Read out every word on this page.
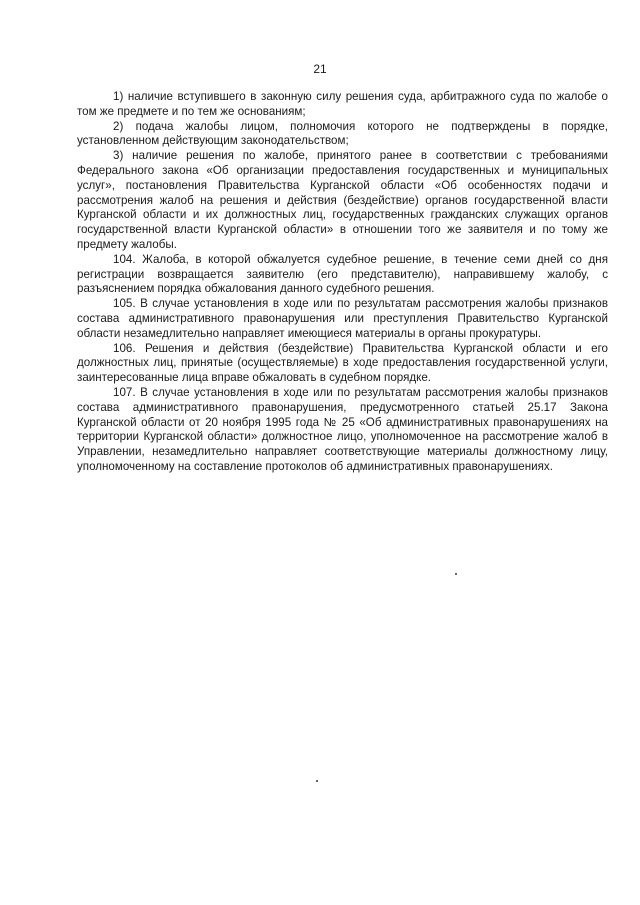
21

1) наличие вступившего в законную силу решения суда, арбитражного суда по жалобе о том же предмете и по тем же основаниям;

2) подача жалобы лицом, полномочия которого не подтверждены в порядке, установленном действующим законодательством;

3) наличие решения по жалобе, принятого ранее в соответствии с требованиями Федерального закона «Об организации предоставления государственных и муниципальных услуг», постановления Правительства Курганской области «Об особенностях подачи и рассмотрения жалоб на решения и действия (бездействие) органов государственной власти Курганской области и их должностных лиц, государственных гражданских служащих органов государственной власти Курганской области» в отношении того же заявителя и по тому же предмету жалобы.

104. Жалоба, в которой обжалуется судебное решение, в течение семи дней со дня регистрации возвращается заявителю (его представителю), направившему жалобу, с разъяснением порядка обжалования данного судебного решения.

105. В случае установления в ходе или по результатам рассмотрения жалобы признаков состава административного правонарушения или преступления Правительство Курганской области незамедлительно направляет имеющиеся материалы в органы прокуратуры.

106. Решения и действия (бездействие) Правительства Курганской области и его должностных лиц, принятые (осуществляемые) в ходе предоставления государственной услуги, заинтересованные лица вправе обжаловать в судебном порядке.

107. В случае установления в ходе или по результатам рассмотрения жалобы признаков состава административного правонарушения, предусмотренного статьей 25.17 Закона Курганской области от 20 ноября 1995 года № 25 «Об административных правонарушениях на территории Курганской области» должностное лицо, уполномоченное на рассмотрение жалоб в Управлении, незамедлительно направляет соответствующие материалы должностному лицу, уполномоченному на составление протоколов об административных правонарушениях.
